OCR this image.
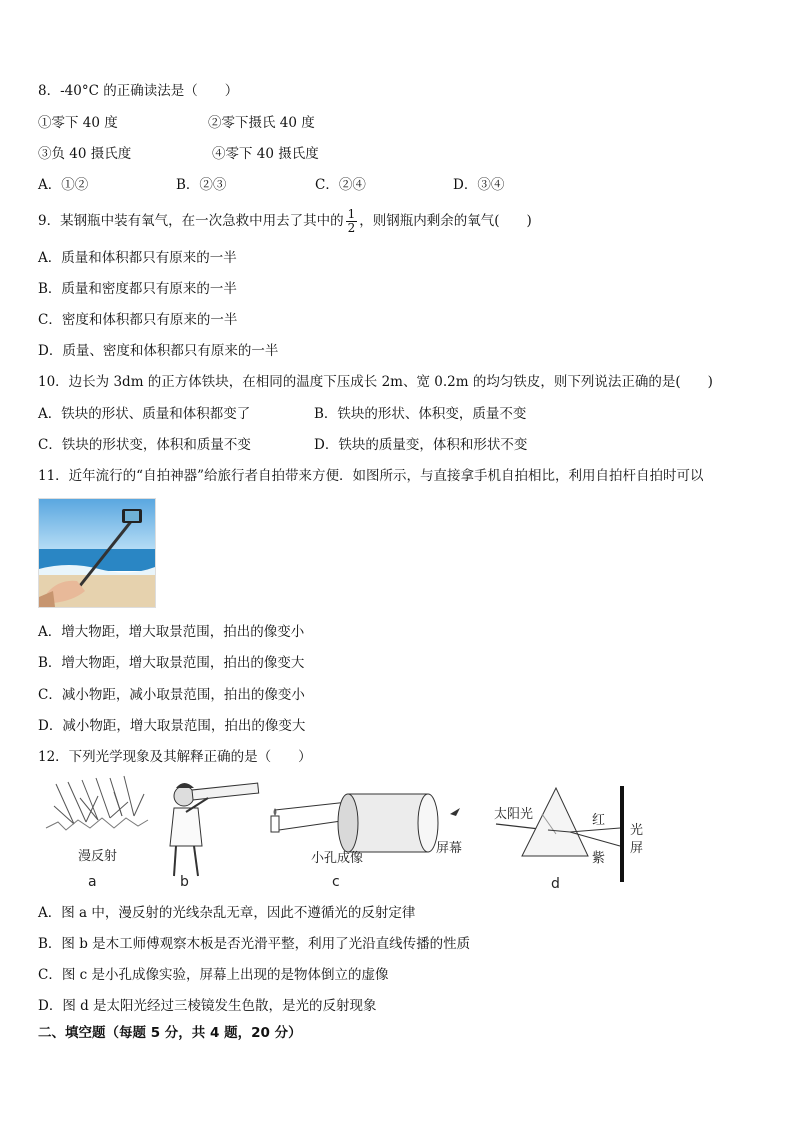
8．-40°C 的正确读法是（　　）
①零下 40 度	②零下摄氏 40 度
③负 40 摄氏度	④零下 40 摄氏度
A．①②	B．②③	C．②④	D．③④
9．某钢瓶中装有氧气，在一次急救中用去了其中的 $\frac{1}{2}$ ，则钢瓶内剩余的氧气(　　)
A．质量和体积都只有原来的一半
B．质量和密度都只有原来的一半
C．密度和体积都只有原来的一半
D．质量、密度和体积都只有原来的一半
10．边长为 3dm 的正方体铁块，在相同的温度下压成长 2m、宽 0.2m 的均匀铁皮，则下列说法正确的是(　　)
A．铁块的形状、质量和体积都变了	B．铁块的形状、体积变，质量不变
C．铁块的形状变，体积和质量不变	D．铁块的质量变，体积和形状不变
11．近年流行的“自拍神器”给旅行者自拍带来方便．如图所示，与直接拿手机自拍相比，利用自拍杆自拍时可以
A．增大物距，增大取景范围，拍出的像变小
B．增大物距，增大取景范围，拍出的像变大
C．减小物距，减小取景范围，拍出的像变小
D．减小物距，增大取景范围，拍出的像变大
12．下列光学现象及其解释正确的是（　　）
漫反射
a	b
小孔成像
屏幕
c
太阳光	红
紫
光
屏
d
A．图 a 中，漫反射的光线杂乱无章，因此不遵循光的反射定律
B．图 b 是木工师傅观察木板是否光滑平整，利用了光沿直线传播的性质
C．图 c 是小孔成像实验，屏幕上出现的是物体倒立的虚像
D．图 d 是太阳光经过三棱镜发生色散，是光的反射现象
二、填空题（每题 5 分，共 4 题，20 分）
